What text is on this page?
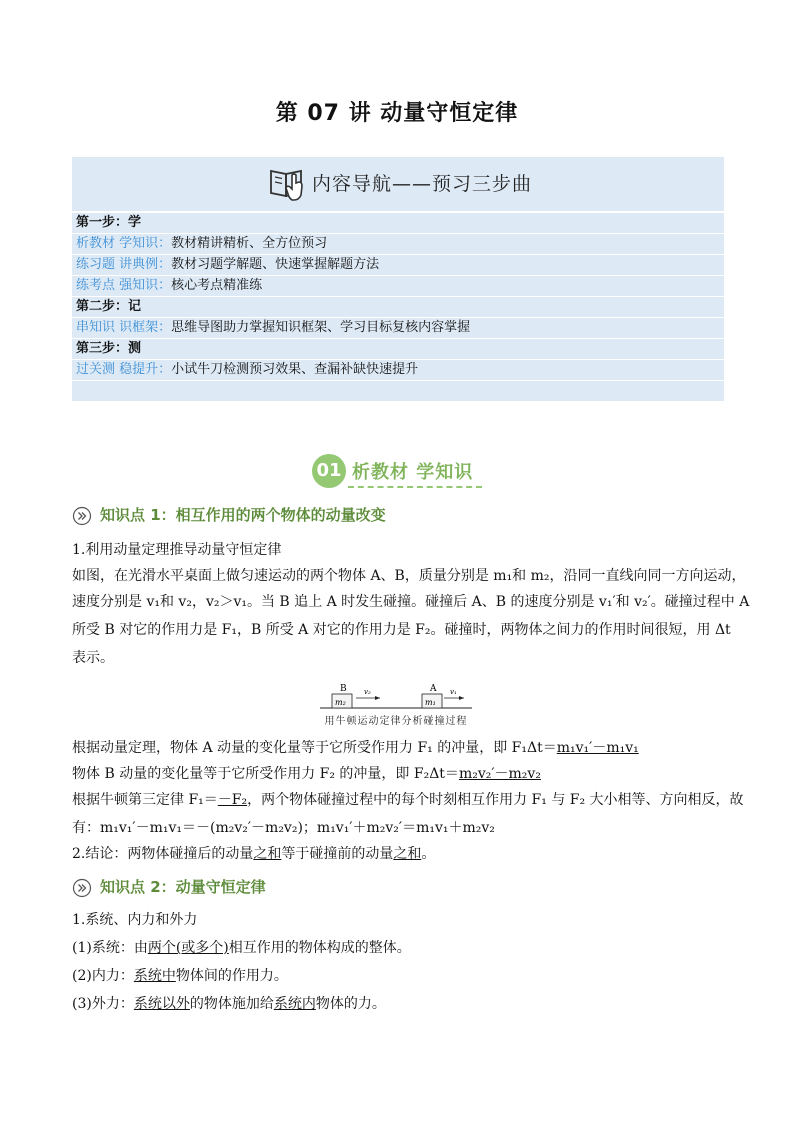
第 07 讲 动量守恒定律
内容导航——预习三步曲
第一步：学
析教材 学知识：教材精讲精析、全方位预习
练习题 讲典例：教材习题学解题、快速掌握解题方法
练考点 强知识：核心考点精准练
第二步：记
串知识 识框架：思维导图助力掌握知识框架、学习目标复核内容掌握
第三步：测
过关测 稳提升：小试牛刀检测预习效果、查漏补缺快速提升
01 析教材 学知识
知识点 1：相互作用的两个物体的动量改变
1.利用动量定理推导动量守恒定律
如图，在光滑水平桌面上做匀速运动的两个物体 A、B，质量分别是 m₁和 m₂，沿同一直线向同一方向运动，
速度分别是 v₁和 v₂，v₂＞v₁。当 B 追上 A 时发生碰撞。碰撞后 A、B 的速度分别是 v₁′和 v₂′。碰撞过程中 A
所受 B 对它的作用力是 F₁，B 所受 A 对它的作用力是 F₂。碰撞时，两物体之间力的作用时间很短，用 Δt
表示。
B	A
m₂	m₁
v₂	v₁
用牛顿运动定律分析碰撞过程
根据动量定理，物体 A 动量的变化量等于它所受作用力 F₁ 的冲量，即 F₁Δt＝m₁v₁′－m₁v₁
物体 B 动量的变化量等于它所受作用力 F₂ 的冲量，即 F₂Δt＝m₂v₂′－m₂v₂
根据牛顿第三定律 F₁＝－F₂，两个物体碰撞过程中的每个时刻相互作用力 F₁ 与 F₂ 大小相等、方向相反，故
有：m₁v₁′－m₁v₁＝－(m₂v₂′－m₂v₂)；m₁v₁′＋m₂v₂′＝m₁v₁＋m₂v₂
2.结论：两物体碰撞后的动量之和等于碰撞前的动量之和。
知识点 2：动量守恒定律
1.系统、内力和外力
(1)系统：由两个(或多个)相互作用的物体构成的整体。
(2)内力：系统中物体间的作用力。
(3)外力：系统以外的物体施加给系统内物体的力。
